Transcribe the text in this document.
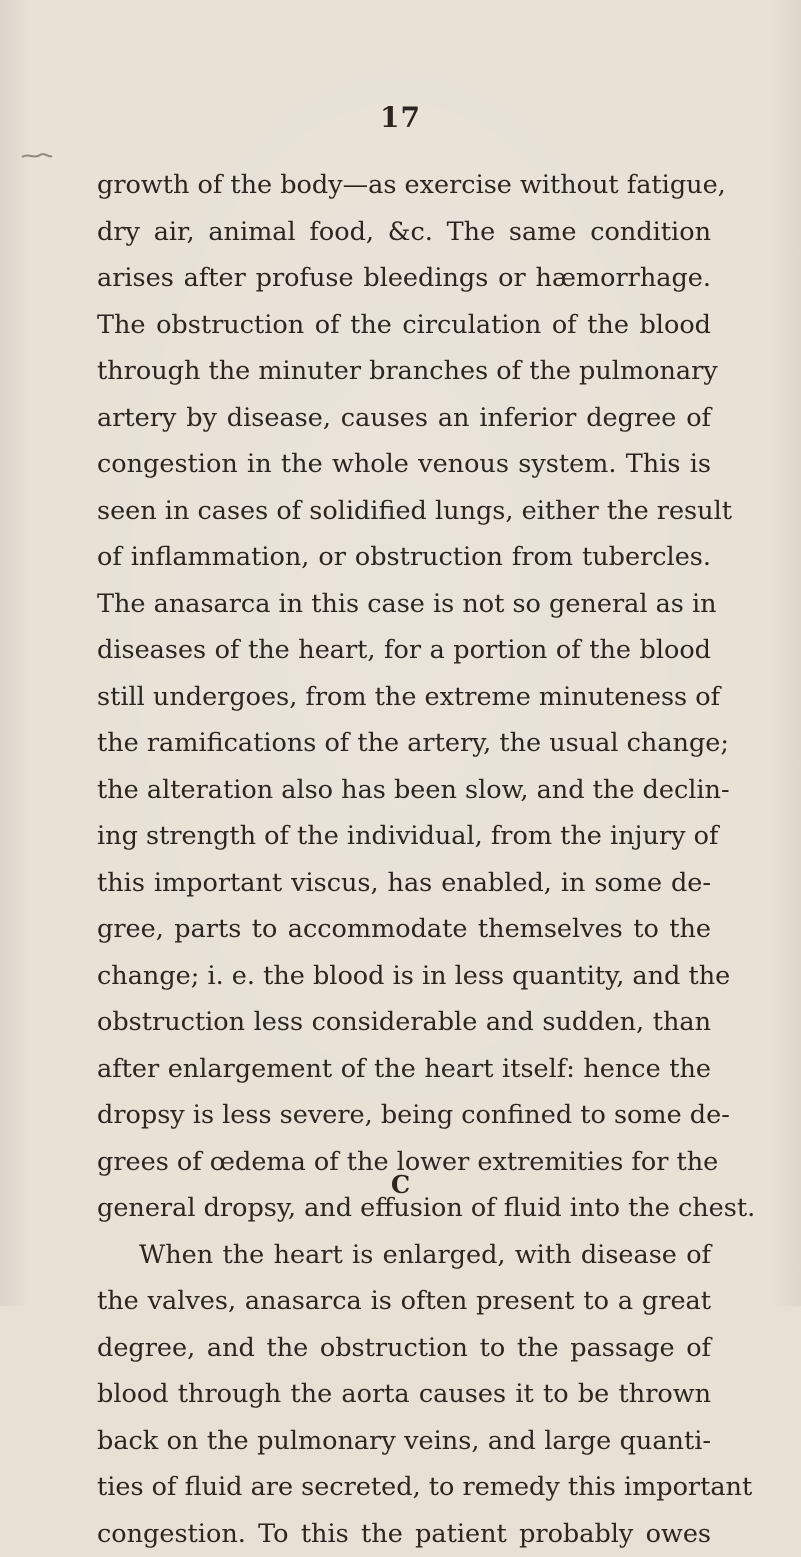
17
growth of the body—as exercise without fatigue,
dry air, animal food, &c. The same condition
arises after profuse bleedings or hæmorrhage.
The obstruction of the circulation of the blood
through the minuter branches of the pulmonary
artery by disease, causes an inferior degree of
congestion in the whole venous system. This is
seen in cases of solidified lungs, either the result
of inflammation, or obstruction from tubercles.
The anasarca in this case is not so general as in
diseases of the heart, for a portion of the blood
still undergoes, from the extreme minuteness of
the ramifications of the artery, the usual change;
the alteration also has been slow, and the declin-
ing strength of the individual, from the injury of
this important viscus, has enabled, in some de-
gree, parts to accommodate themselves to the
change; i. e. the blood is in less quantity, and the
obstruction less considerable and sudden, than
after enlargement of the heart itself: hence the
dropsy is less severe, being confined to some de-
grees of œdema of the lower extremities for the
general dropsy, and effusion of fluid into the chest.
When the heart is enlarged, with disease of
the valves, anasarca is often present to a great
degree, and the obstruction to the passage of
blood through the aorta causes it to be thrown
back on the pulmonary veins, and large quanti-
ties of fluid are secreted, to remedy this important
congestion. To this the patient probably owes
C
